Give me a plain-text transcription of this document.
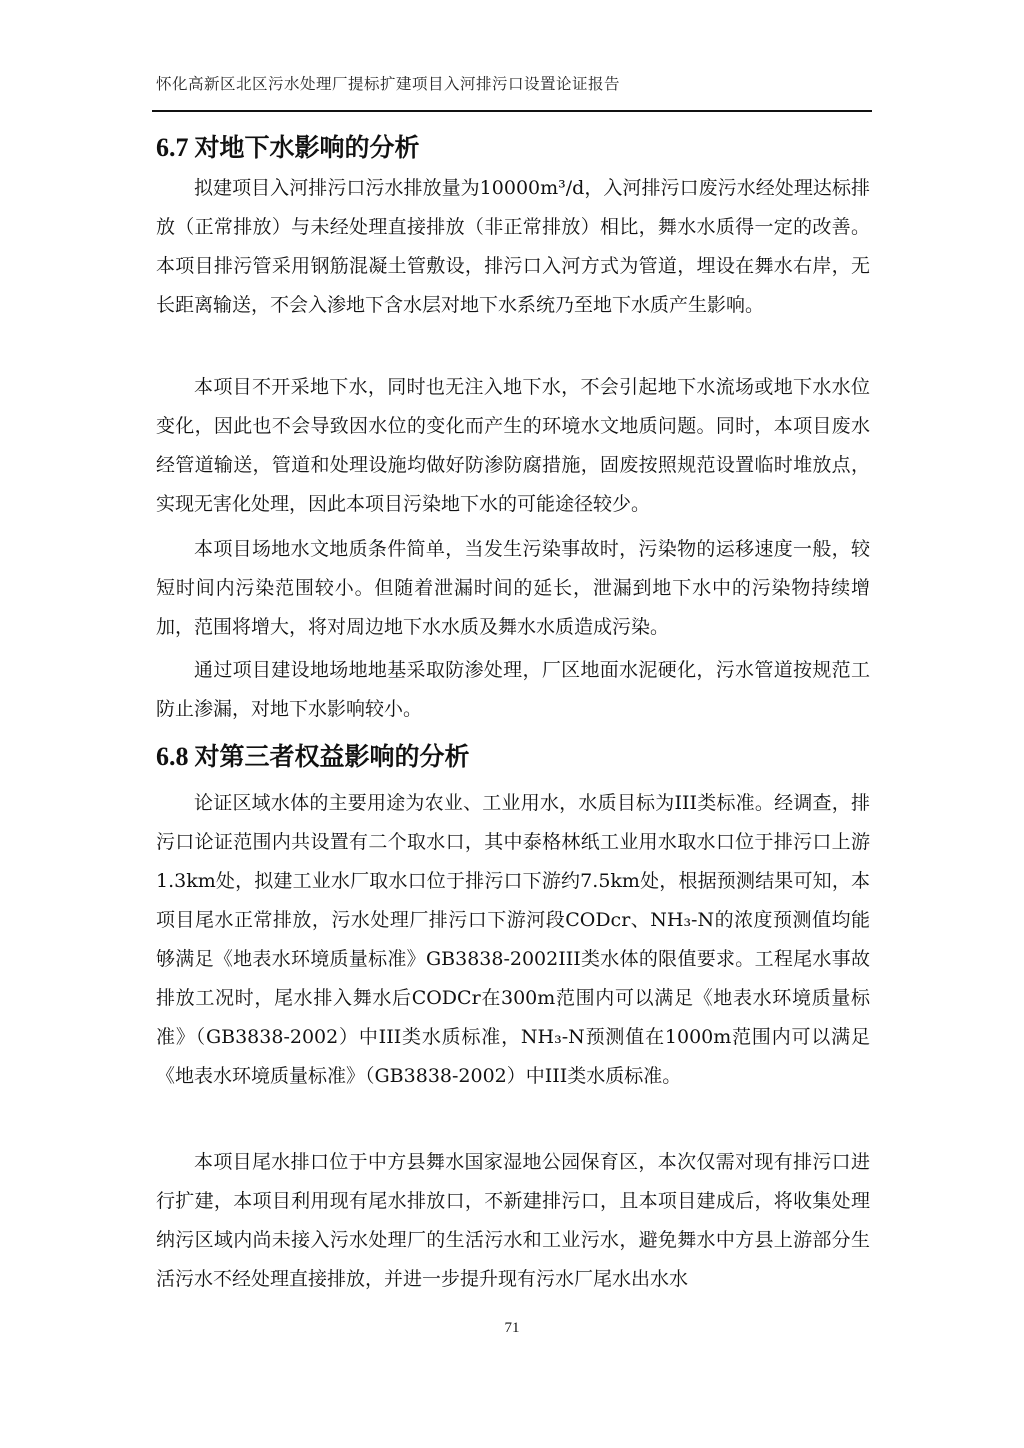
怀化高新区北区污水处理厂提标扩建项目入河排污口设置论证报告
6.7 对地下水影响的分析

拟建项目入河排污口污水排放量为10000m³/d，入河排污口废污水经处理达标排放（正常排放）与未经处理直接排放（非正常排放）相比，舞水水质得一定的改善。本项目排污管采用钢筋混凝土管敷设，排污口入河方式为管道，埋设在舞水右岸，无长距离输送，不会入渗地下含水层对地下水系统乃至地下水质产生影响。

本项目不开采地下水，同时也无注入地下水，不会引起地下水流场或地下水水位变化，因此也不会导致因水位的变化而产生的环境水文地质问题。同时，本项目废水经管道输送，管道和处理设施均做好防渗防腐措施，固废按照规范设置临时堆放点，实现无害化处理，因此本项目污染地下水的可能途径较少。

本项目场地水文地质条件简单，当发生污染事故时，污染物的运移速度一般，较短时间内污染范围较小。但随着泄漏时间的延长，泄漏到地下水中的污染物持续增加，范围将增大，将对周边地下水水质及舞水水质造成污染。

通过项目建设地场地地基采取防渗处理，厂区地面水泥硬化，污水管道按规范工防止渗漏，对地下水影响较小。

6.8 对第三者权益影响的分析

论证区域水体的主要用途为农业、工业用水，水质目标为III类标准。经调查，排污口论证范围内共设置有二个取水口，其中泰格林纸工业用水取水口位于排污口上游1.3km处，拟建工业水厂取水口位于排污口下游约7.5km处，根据预测结果可知，本项目尾水正常排放，污水处理厂排污口下游河段CODcr、NH₃-N的浓度预测值均能够满足《地表水环境质量标准》GB3838-2002III类水体的限值要求。工程尾水事故排放工况时，尾水排入舞水后CODCr在300m范围内可以满足《地表水环境质量标准》（GB3838-2002）中III类水质标准，NH₃-N预测值在1000m范围内可以满足《地表水环境质量标准》（GB3838-2002）中III类水质标准。

本项目尾水排口位于中方县舞水国家湿地公园保育区，本次仅需对现有排污口进行扩建，本项目利用现有尾水排放口，不新建排污口，且本项目建成后，将收集处理纳污区域内尚未接入污水处理厂的生活污水和工业污水，避免舞水中方县上游部分生活污水不经处理直接排放，并进一步提升现有污水厂尾水出水水

71
